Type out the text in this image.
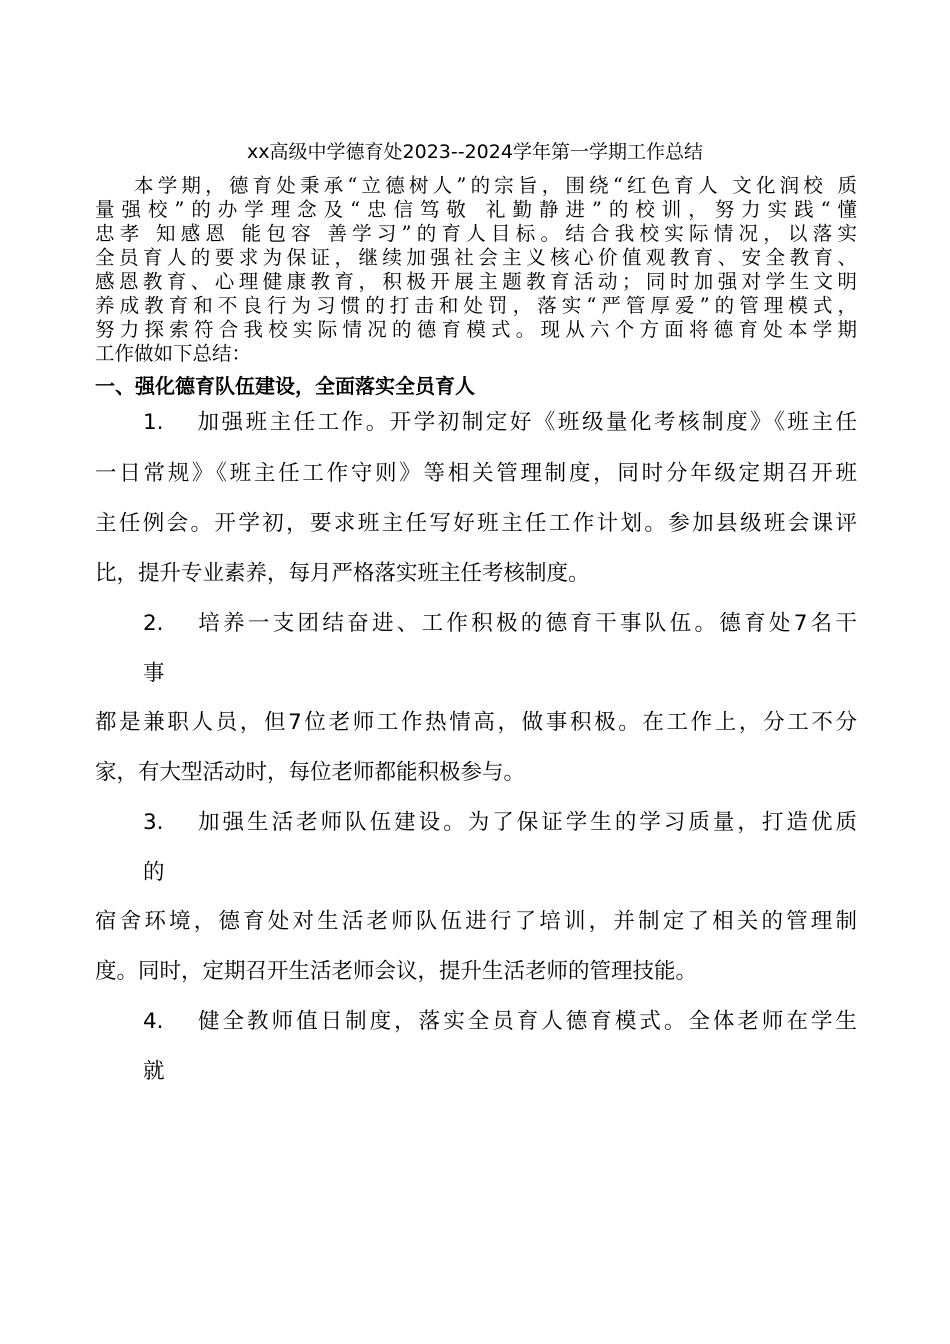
xx高级中学德育处2023--2024学年第一学期工作总结
本学期，德育处秉承“立德树人”的宗旨，围绕“红色育人 文化润校 质
量强校”的办学理念及“忠信笃敬 礼勤静进”的校训，努力实践“懂
忠孝 知感恩 能包容 善学习”的育人目标。结合我校实际情况，以落实
全员育人的要求为保证，继续加强社会主义核心价值观教育、安全教育、
感恩教育、心理健康教育，积极开展主题教育活动；同时加强对学生文明
养成教育和不良行为习惯的打击和处罚，落实“严管厚爱”的管理模式，
努力探索符合我校实际情况的德育模式。现从六个方面将德育处本学期
工作做如下总结：
一、强化德育队伍建设，全面落实全员育人
1. 加强班主任工作。开学初制定好《班级量化考核制度》《班主任
一日常规》《班主任工作守则》等相关管理制度，同时分年级定期召开班
主任例会。开学初，要求班主任写好班主任工作计划。参加县级班会课评
比，提升专业素养，每月严格落实班主任考核制度。
2. 培养一支团结奋进、工作积极的德育干事队伍。德育处7名干
事
都是兼职人员，但7位老师工作热情高，做事积极。在工作上，分工不分
家，有大型活动时，每位老师都能积极参与。
3. 加强生活老师队伍建设。为了保证学生的学习质量，打造优质
的
宿舍环境，德育处对生活老师队伍进行了培训，并制定了相关的管理制
度。同时，定期召开生活老师会议，提升生活老师的管理技能。
4. 健全教师值日制度，落实全员育人德育模式。全体老师在学生
就
